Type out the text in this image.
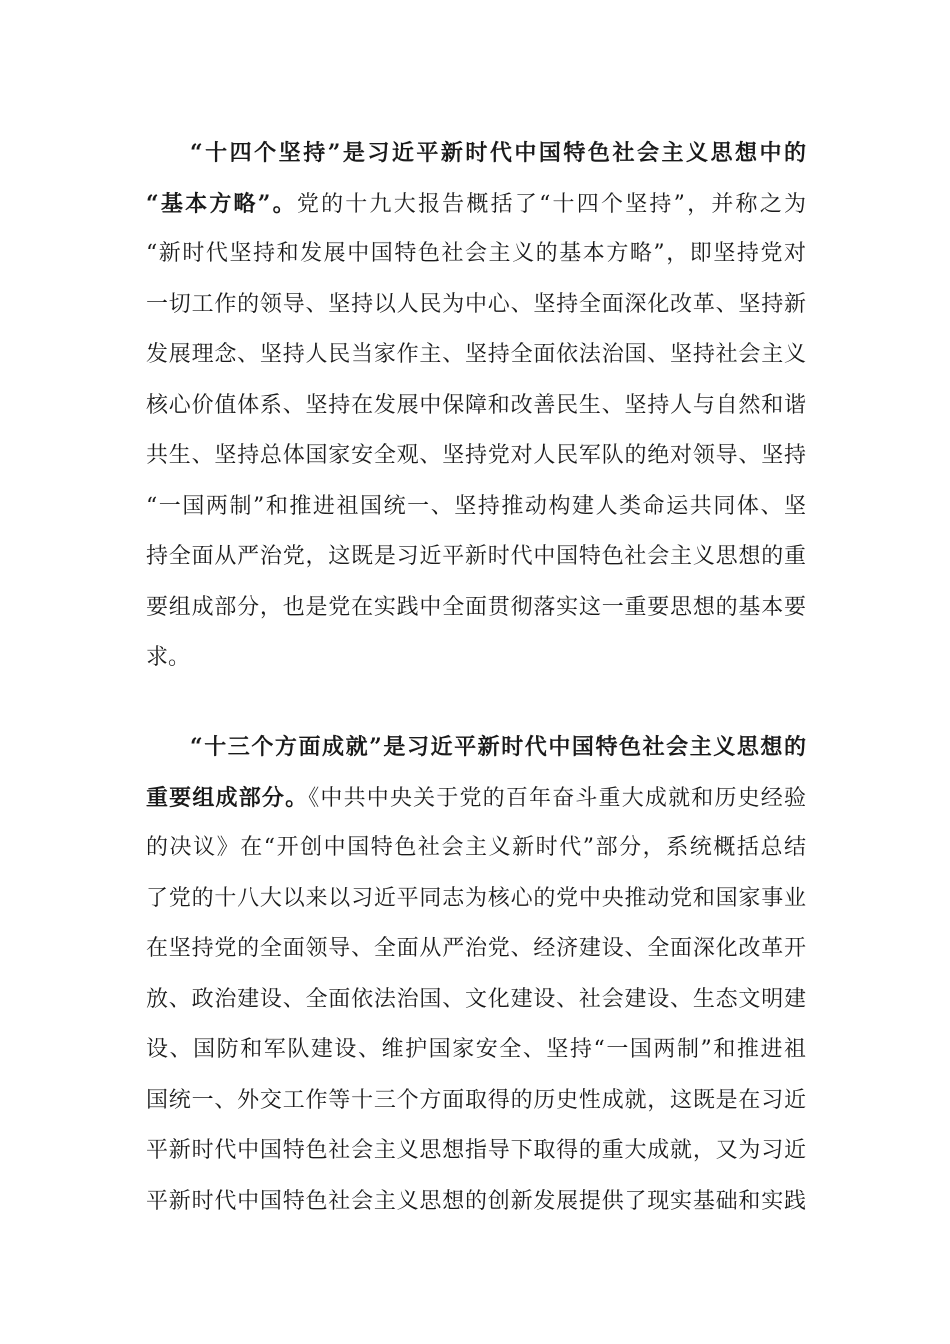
“十四个坚持”是习近平新时代中国特色社会主义思想中的
“基本方略”。党的十九大报告概括了“十四个坚持”，并称之为
“新时代坚持和发展中国特色社会主义的基本方略”，即坚持党对
一切工作的领导、坚持以人民为中心、坚持全面深化改革、坚持新
发展理念、坚持人民当家作主、坚持全面依法治国、坚持社会主义
核心价值体系、坚持在发展中保障和改善民生、坚持人与自然和谐
共生、坚持总体国家安全观、坚持党对人民军队的绝对领导、坚持
“一国两制”和推进祖国统一、坚持推动构建人类命运共同体、坚
持全面从严治党，这既是习近平新时代中国特色社会主义思想的重
要组成部分，也是党在实践中全面贯彻落实这一重要思想的基本要
求。
“十三个方面成就”是习近平新时代中国特色社会主义思想的
重要组成部分。《中共中央关于党的百年奋斗重大成就和历史经验
的决议》在“开创中国特色社会主义新时代”部分，系统概括总结
了党的十八大以来以习近平同志为核心的党中央推动党和国家事业
在坚持党的全面领导、全面从严治党、经济建设、全面深化改革开
放、政治建设、全面依法治国、文化建设、社会建设、生态文明建
设、国防和军队建设、维护国家安全、坚持“一国两制”和推进祖
国统一、外交工作等十三个方面取得的历史性成就，这既是在习近
平新时代中国特色社会主义思想指导下取得的重大成就，又为习近
平新时代中国特色社会主义思想的创新发展提供了现实基础和实践
